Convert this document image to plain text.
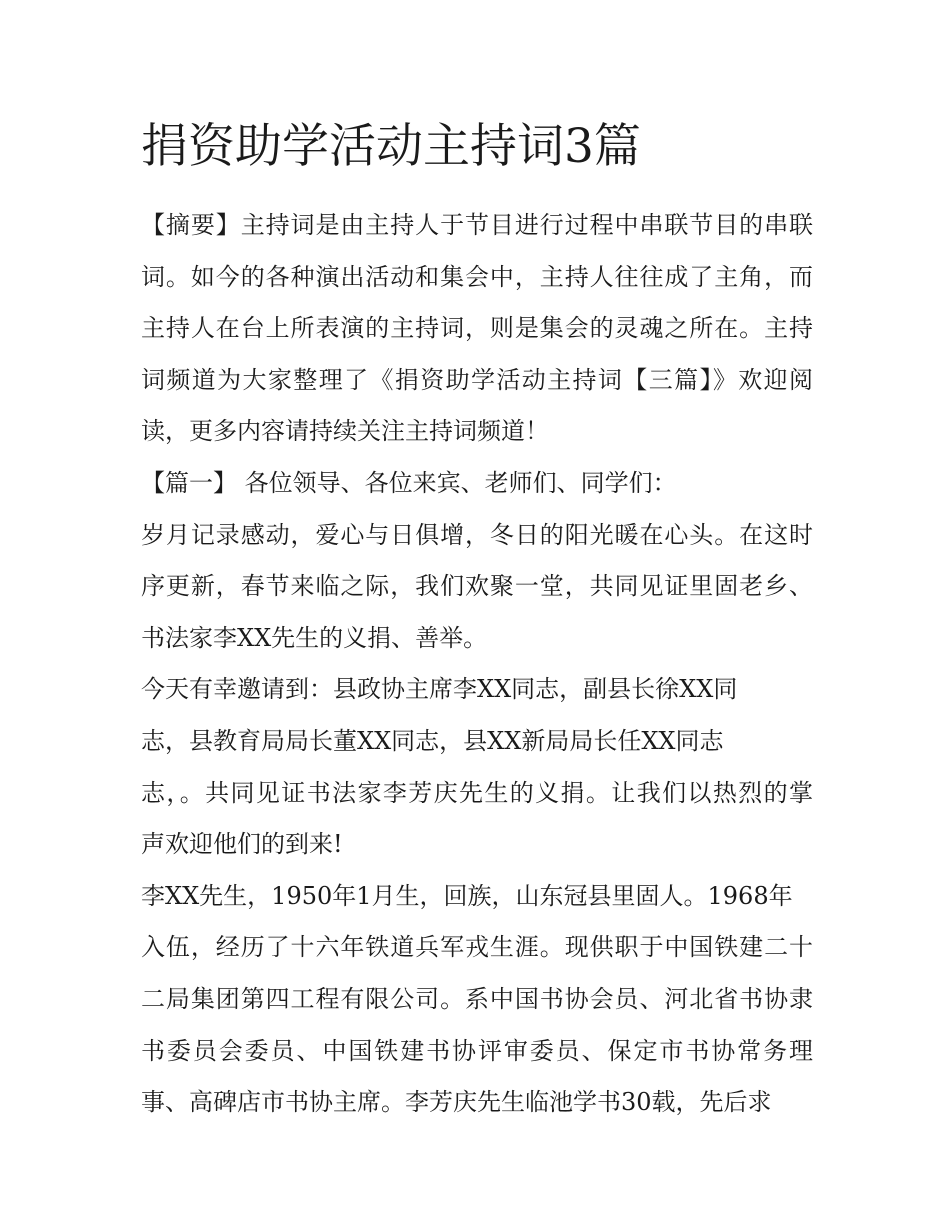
捐资助学活动主持词3篇
【摘要】主持词是由主持人于节目进行过程中串联节目的串联
词。如今的各种演出活动和集会中，主持人往往成了主角，而
主持人在台上所表演的主持词，则是集会的灵魂之所在。主持
词频道为大家整理了《捐资助学活动主持词【三篇】》欢迎阅
读，更多内容请持续关注主持词频道！
【篇一】 各位领导、各位来宾、老师们、同学们：
岁月记录感动，爱心与日俱增，冬日的阳光暖在心头。在这时
序更新，春节来临之际，我们欢聚一堂，共同见证里固老乡、
书法家李XX先生的义捐、善举。
今天有幸邀请到：县政协主席李XX同志，副县长徐XX同
志，县教育局局长董XX同志，县XX新局局长任XX同志
志，。共同见证书法家李芳庆先生的义捐。让我们以热烈的掌
声欢迎他们的到来!
李XX先生，1950年1月生，回族，山东冠县里固人。1968年
入伍，经历了十六年铁道兵军戎生涯。现供职于中国铁建二十
二局集团第四工程有限公司。系中国书协会员、河北省书协隶
书委员会委员、中国铁建书协评审委员、保定市书协常务理
事、高碑店市书协主席。李芳庆先生临池学书30载，先后求
